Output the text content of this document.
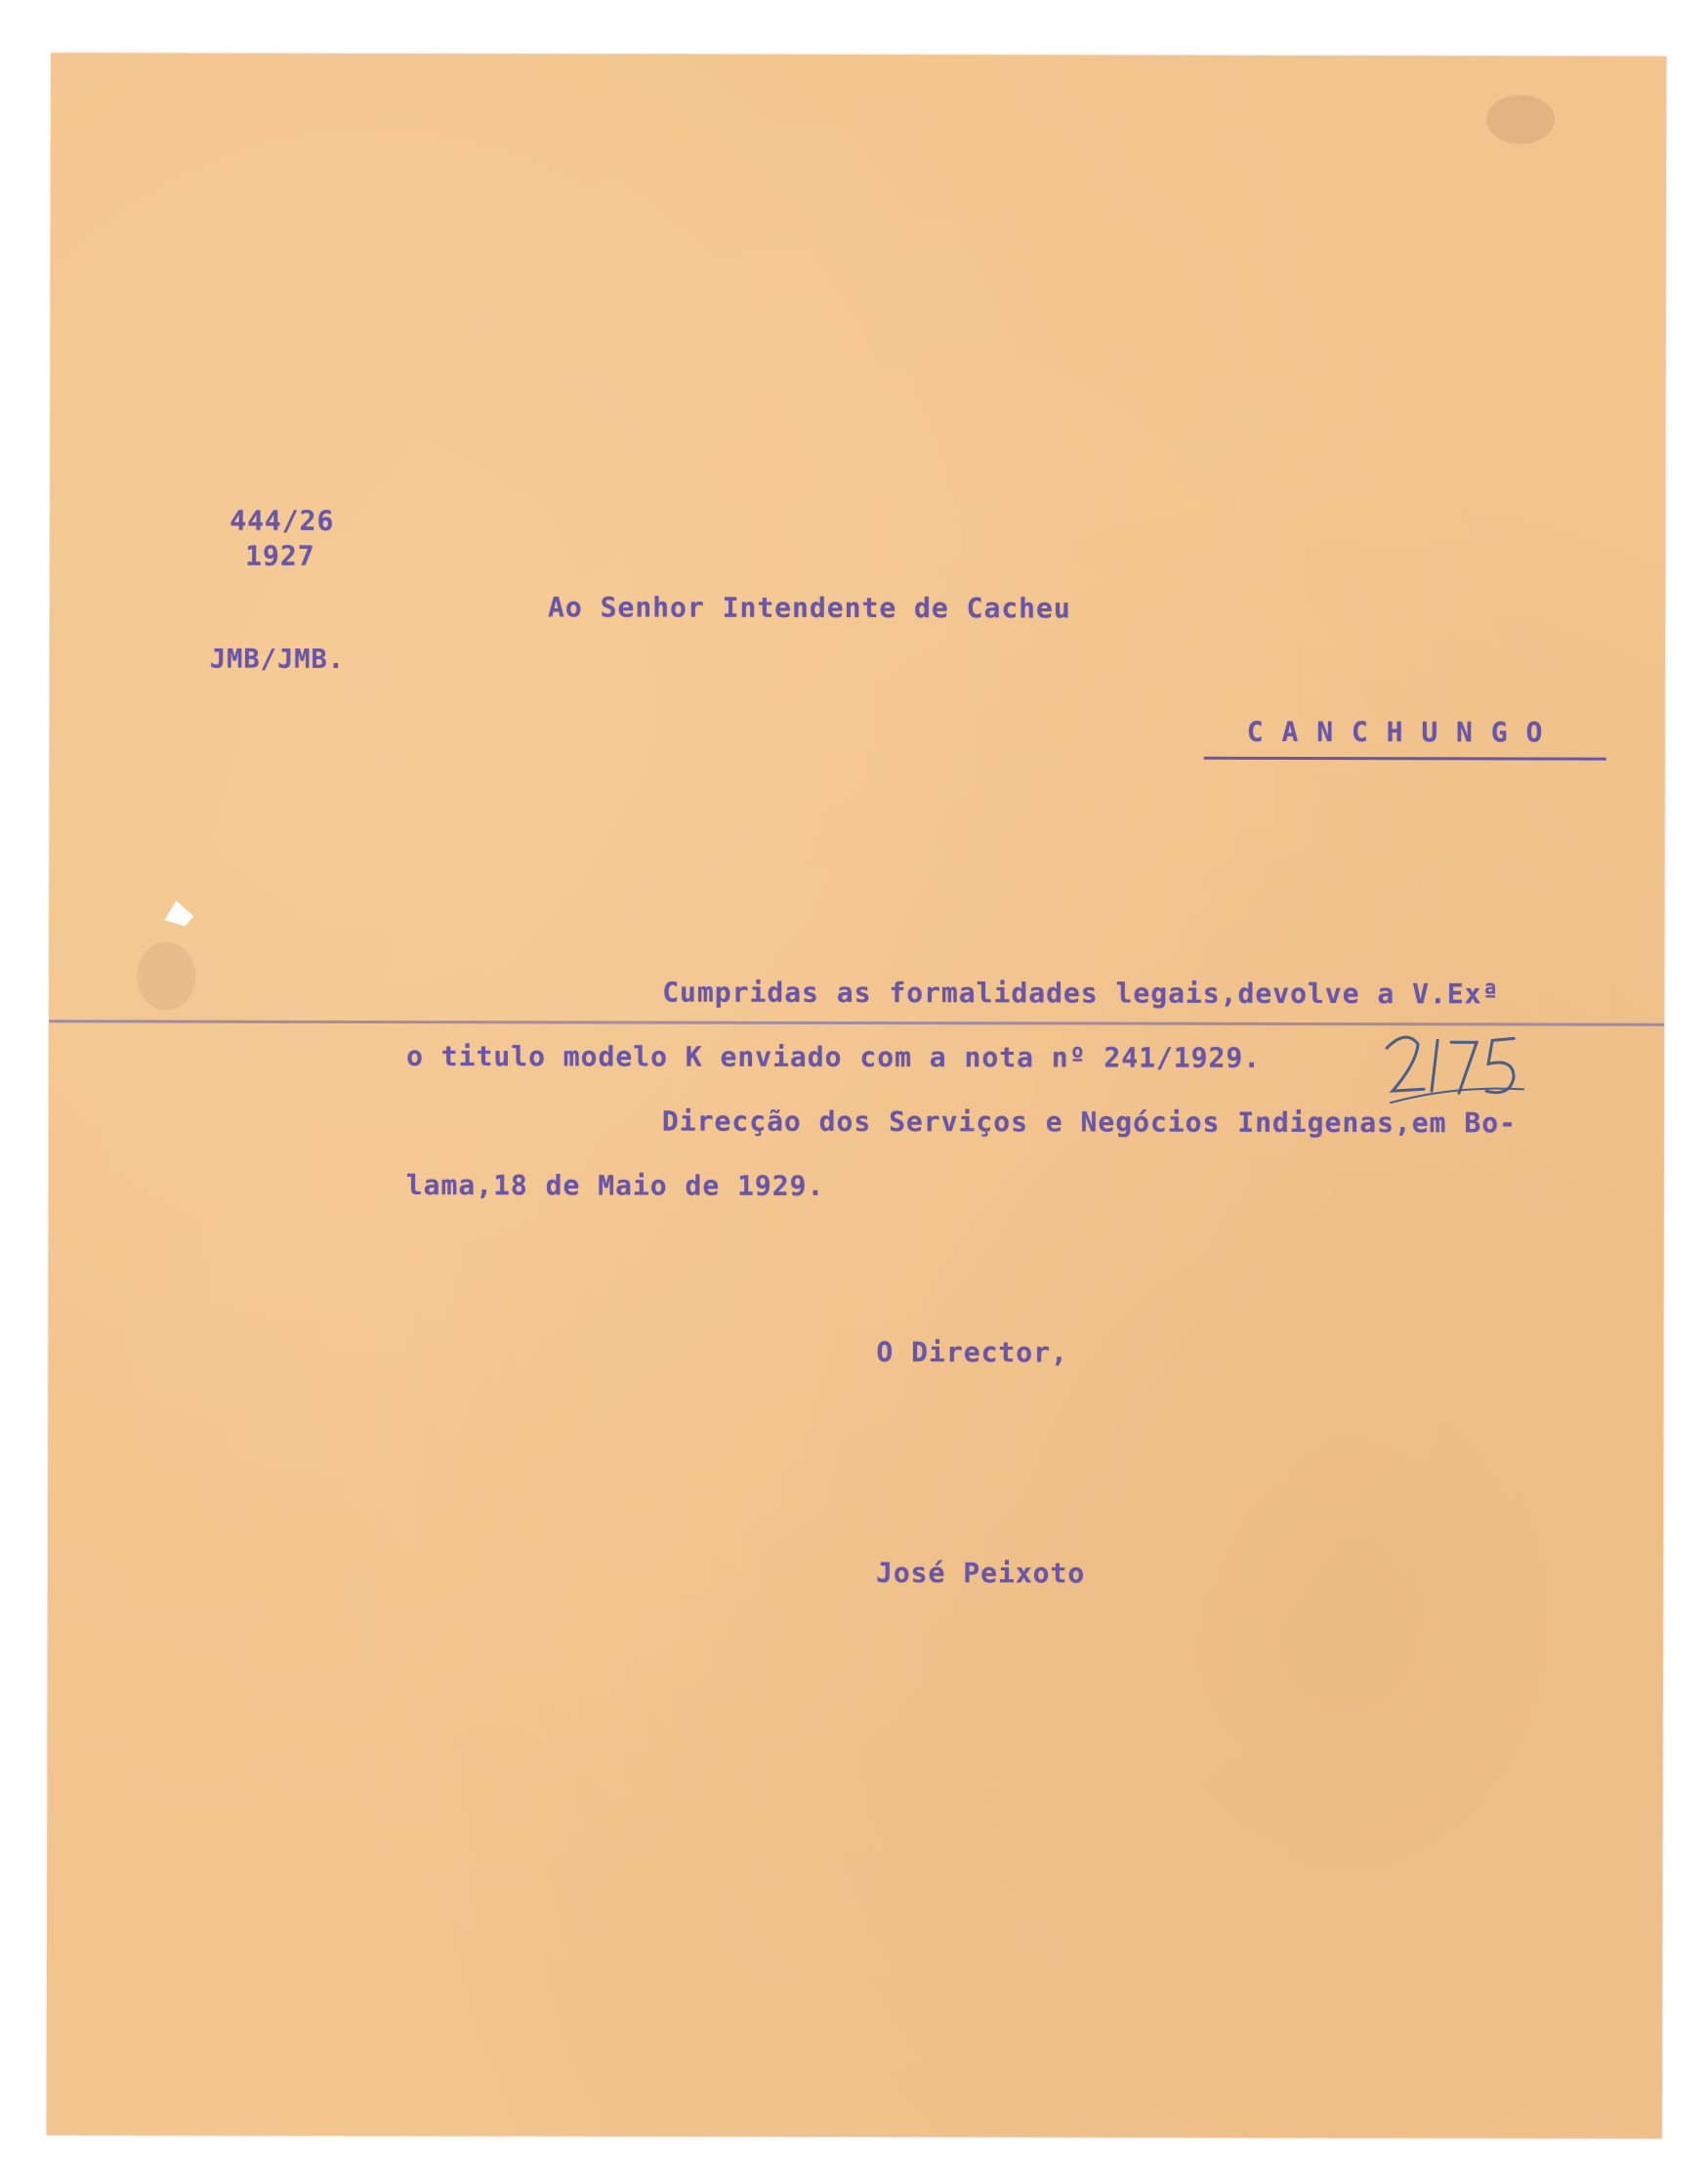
444/26
1927
JMB/JMB.
Ao Senhor Intendente de Cacheu
C A N C H U N G O
Cumpridas as formalidades legais,devolve a V.Exª
o titulo modelo K enviado com a nota nº 241/1929.
Direcção dos Serviços e Negócios Indigenas,em Bo-
lama,18 de Maio de 1929.
O Director,
José Peixoto
